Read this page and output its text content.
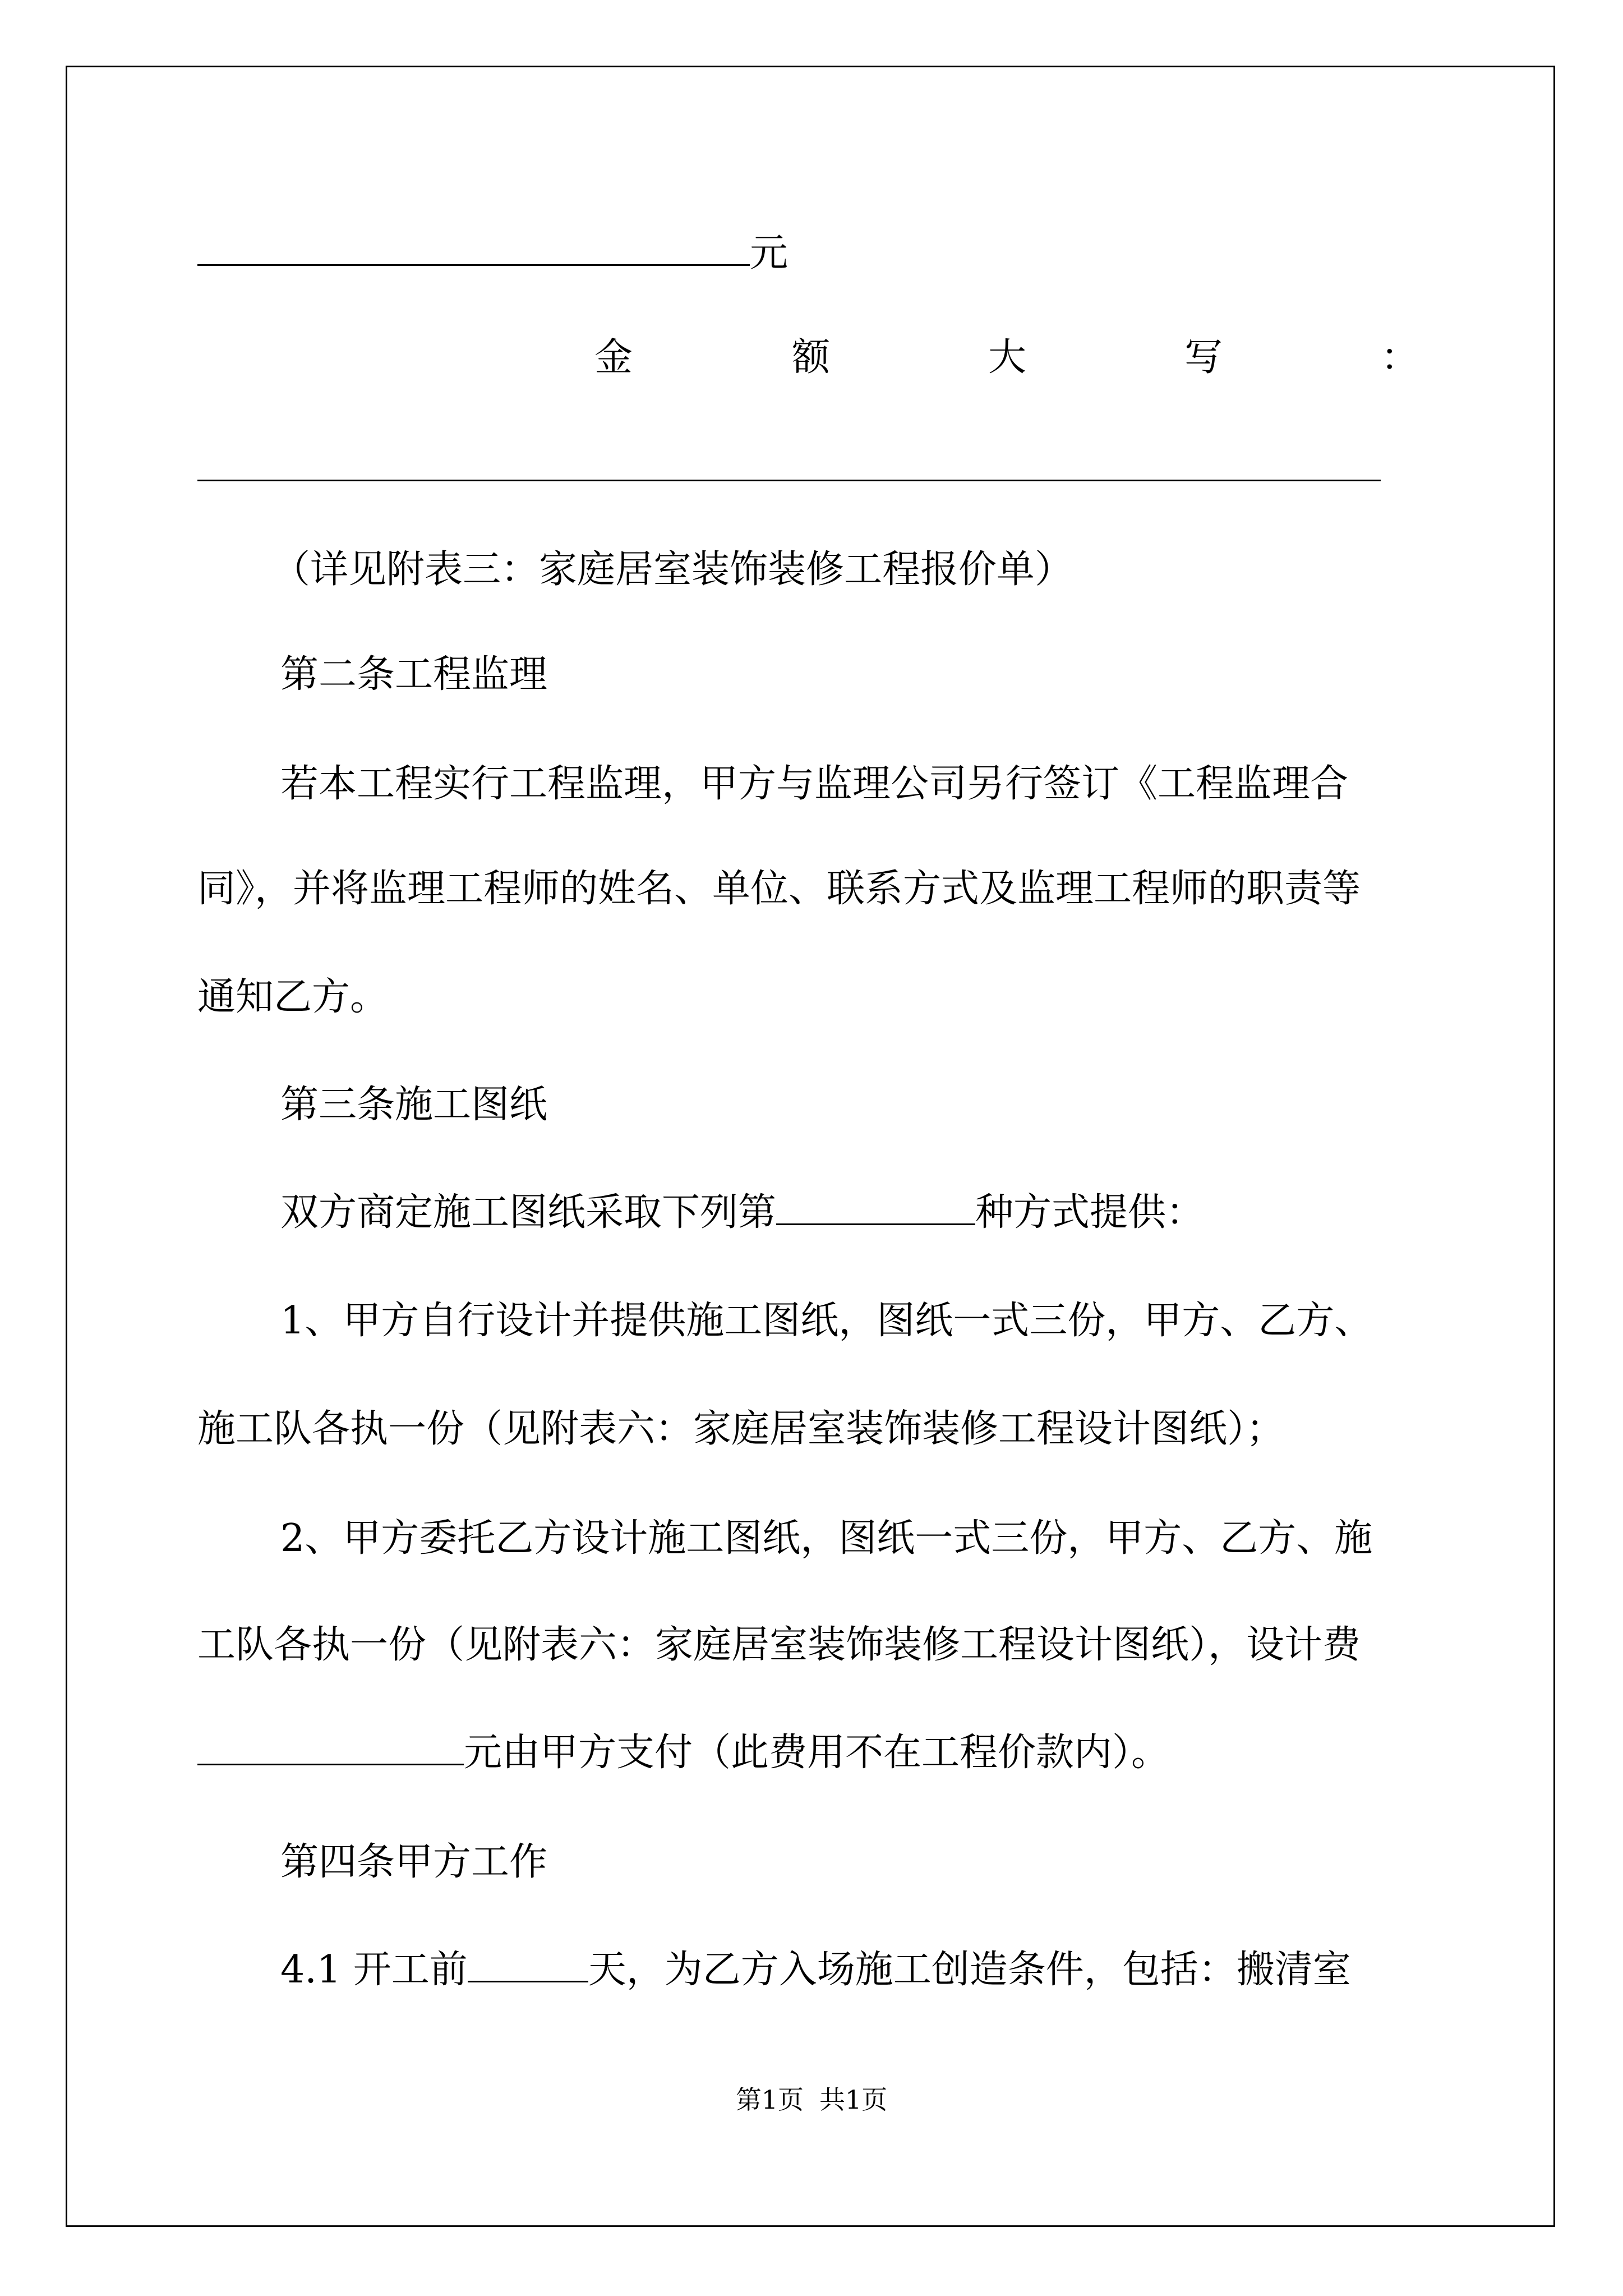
元
金	额	大	写	：
（详见附表三：家庭居室装饰装修工程报价单）
第二条工程监理
若本工程实行工程监理，甲方与监理公司另行签订《工程监理合
同》，并将监理工程师的姓名、单位、联系方式及监理工程师的职责等
通知乙方。
第三条施工图纸
双方商定施工图纸采取下列第	种方式提供：
1、甲方自行设计并提供施工图纸，图纸一式三份，甲方、乙方、
施工队各执一份（见附表六：家庭居室装饰装修工程设计图纸）；
2、甲方委托乙方设计施工图纸，图纸一式三份，甲方、乙方、施
工队各执一份（见附表六：家庭居室装饰装修工程设计图纸），设计费
元由甲方支付（此费用不在工程价款内）。
第四条甲方工作
4.1 开工前	天，为乙方入场施工创造条件，包括：搬清室
第1页 共1页
